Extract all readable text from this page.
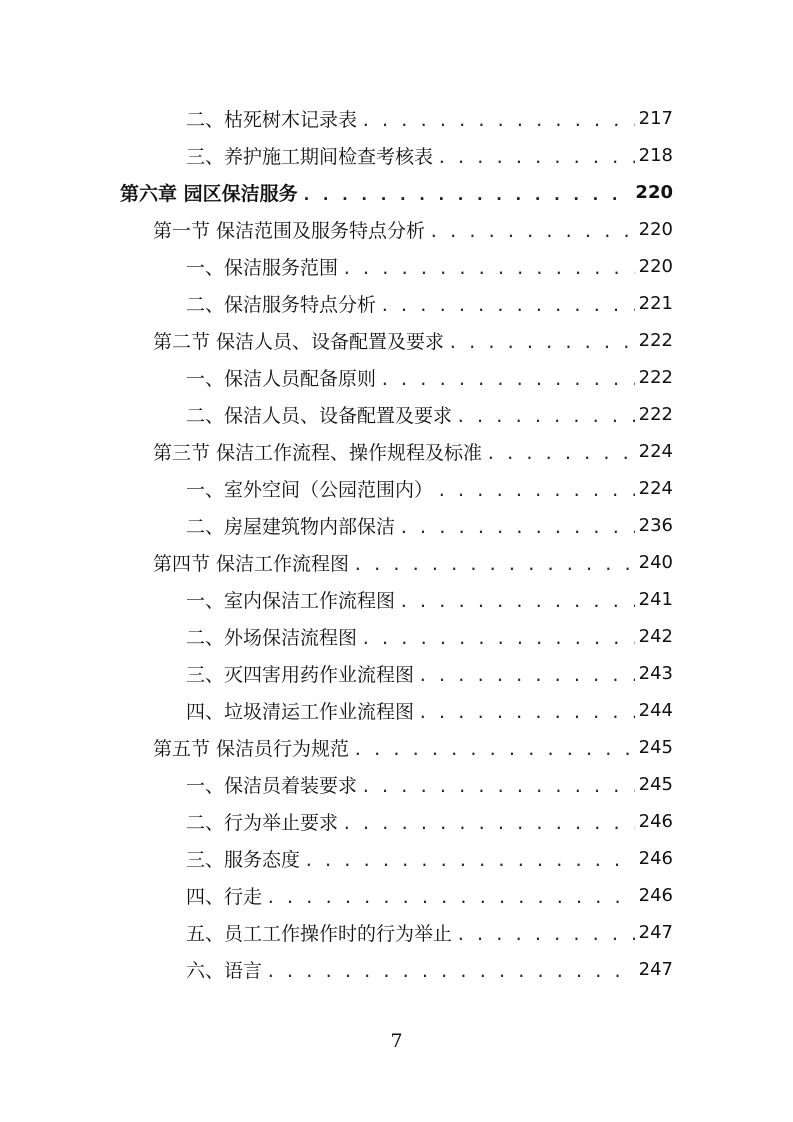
二、枯死树木记录表 . . .	217
三、养护施工期间检查考核表 . . .	218
第六章 园区保洁服务 . . .	220
第一节 保洁范围及服务特点分析 . . .	220
一、保洁服务范围 . . .	220
二、保洁服务特点分析 . . .	221
第二节 保洁人员、设备配置及要求 . . .	222
一、保洁人员配备原则 . . .	222
二、保洁人员、设备配置及要求 . . .	222
第三节 保洁工作流程、操作规程及标准 . . .	224
一、室外空间（公园范围内） . . .	224
二、房屋建筑物内部保洁 . . .	236
第四节 保洁工作流程图 . . .	240
一、室内保洁工作流程图 . . .	241
二、外场保洁流程图 . . .	242
三、灭四害用药作业流程图 . . .	243
四、垃圾清运工作业流程图 . . .	244
第五节 保洁员行为规范 . . .	245
一、保洁员着装要求 . . .	245
二、行为举止要求 . . .	246
三、服务态度 . . .	246
四、行走 . . .	246
五、员工工作操作时的行为举止 . . .	247
六、语言 . . .	247
7
